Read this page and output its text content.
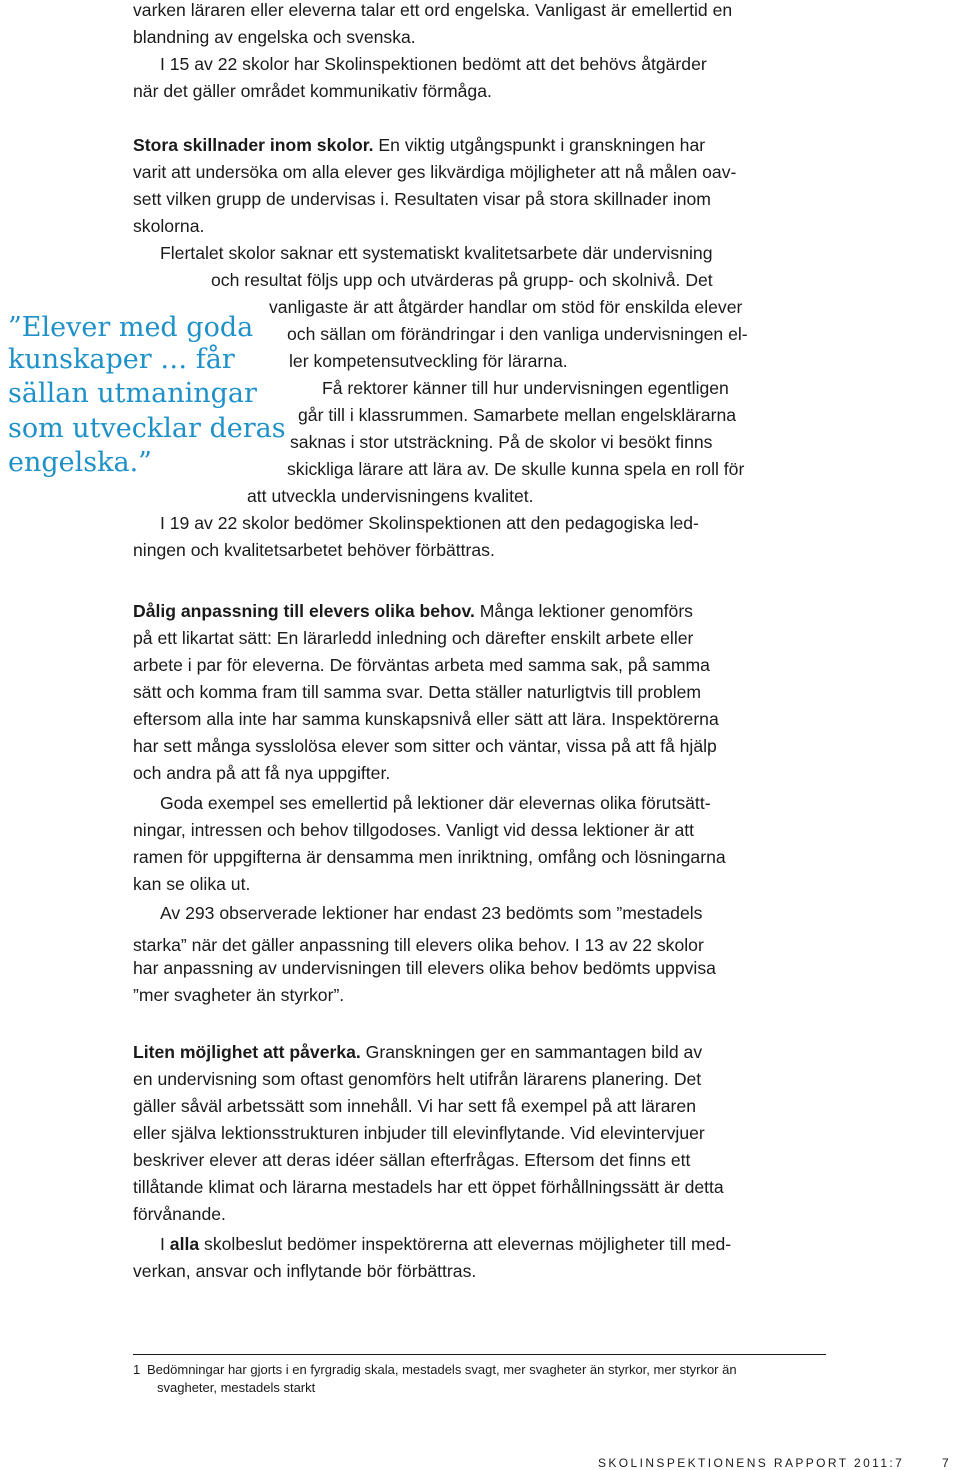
varken läraren eller eleverna talar ett ord engelska. Vanligast är emellertid en
blandning av engelska och svenska.
I 15 av 22 skolor har Skolinspektionen bedömt att det behövs åtgärder
när det gäller området kommunikativ förmåga.
Stora skillnader inom skolor. En viktig utgångspunkt i granskningen har
varit att undersöka om alla elever ges likvärdiga möjligheter att nå målen oav-
sett vilken grupp de undervisas i. Resultaten visar på stora skillnader inom
skolorna.
Flertalet skolor saknar ett systematiskt kvalitetsarbete där undervisning
och resultat följs upp och utvärderas på grupp- och skolnivå. Det
vanligaste är att åtgärder handlar om stöd för enskilda elever
och sällan om förändringar i den vanliga undervisningen el-
ler kompetensutveckling för lärarna.
Få rektorer känner till hur undervisningen egentligen
går till i klassrummen. Samarbete mellan engelsklärarna
saknas i stor utsträckning. På de skolor vi besökt finns
skickliga lärare att lära av. De skulle kunna spela en roll för
att utveckla undervisningens kvalitet.
I 19 av 22 skolor bedömer Skolinspektionen att den pedagogiska led-
ningen och kvalitetsarbetet behöver förbättras.
”Elever med goda
kunskaper … får
sällan utmaningar
som utvecklar deras
engelska.”
Dålig anpassning till elevers olika behov. Många lektioner genomförs
på ett likartat sätt: En lärarledd inledning och därefter enskilt arbete eller
arbete i par för eleverna. De förväntas arbeta med samma sak, på samma
sätt och komma fram till samma svar. Detta ställer naturligtvis till problem
eftersom alla inte har samma kunskapsnivå eller sätt att lära. Inspektörerna
har sett många sysslolösa elever som sitter och väntar, vissa på att få hjälp
och andra på att få nya uppgifter.
Goda exempel ses emellertid på lektioner där elevernas olika förutsätt-
ningar, intressen och behov tillgodoses. Vanligt vid dessa lektioner är att
ramen för uppgifterna är densamma men inriktning, omfång och lösningarna
kan se olika ut.
Av 293 observerade lektioner har endast 23 bedömts som ”mestadels
starka” när det gäller anpassning till elevers olika behov. I 13 av 22 skolor
har anpassning av undervisningen till elevers olika behov bedömts uppvisa
”mer svagheter än styrkor”.
Liten möjlighet att påverka. Granskningen ger en sammantagen bild av
en undervisning som oftast genomförs helt utifrån lärarens planering. Det
gäller såväl arbetssätt som innehåll. Vi har sett få exempel på att läraren
eller själva lektionsstrukturen inbjuder till elevinflytande. Vid elevintervjuer
beskriver elever att deras idéer sällan efterfrågas. Eftersom det finns ett
tillåtande klimat och lärarna mestadels har ett öppet förhållningssätt är detta
förvånande.
I alla skolbeslut bedömer inspektörerna att elevernas möjligheter till med-
verkan, ansvar och inflytande bör förbättras.
1 Bedömningar har gjorts i en fyrgradig skala, mestadels svagt, mer svagheter än styrkor, mer styrkor än
svagheter, mestadels starkt
SKOLINSPEKTIONENS RAPPORT 2011:7	7
